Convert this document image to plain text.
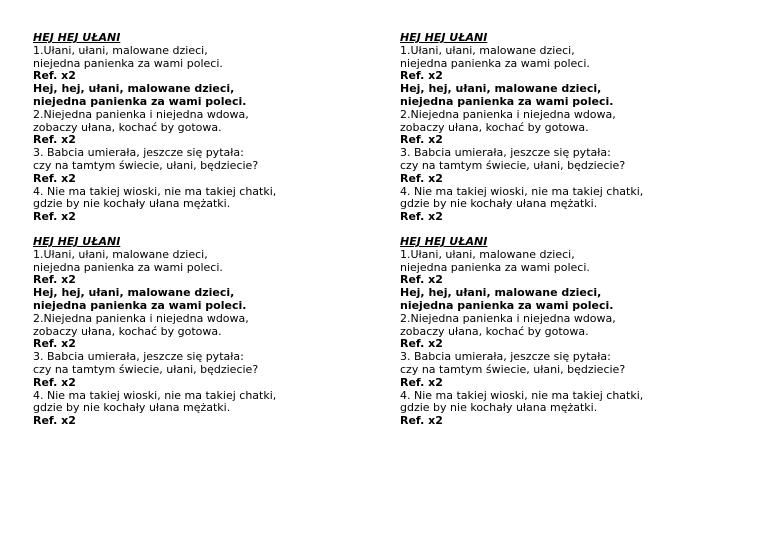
HEJ HEJ UŁANI
1.Ułani, ułani, malowane dzieci,
niejedna panienka za wami poleci.
Ref. x2
Hej, hej, ułani, malowane dzieci,
niejedna panienka za wami poleci.
2.Niejedna panienka i niejedna wdowa,
zobaczy ułana, kochać by gotowa.
Ref. x2
3. Babcia umierała, jeszcze się pytała:
czy na tamtym świecie, ułani, będziecie?
Ref. x2
4. Nie ma takiej wioski, nie ma takiej chatki,
gdzie by nie kochały ułana mężatki.
Ref. x2
HEJ HEJ UŁANI
1.Ułani, ułani, malowane dzieci,
niejedna panienka za wami poleci.
Ref. x2
Hej, hej, ułani, malowane dzieci,
niejedna panienka za wami poleci.
2.Niejedna panienka i niejedna wdowa,
zobaczy ułana, kochać by gotowa.
Ref. x2
3. Babcia umierała, jeszcze się pytała:
czy na tamtym świecie, ułani, będziecie?
Ref. x2
4. Nie ma takiej wioski, nie ma takiej chatki,
gdzie by nie kochały ułana mężatki.
Ref. x2
HEJ HEJ UŁANI
1.Ułani, ułani, malowane dzieci,
niejedna panienka za wami poleci.
Ref. x2
Hej, hej, ułani, malowane dzieci,
niejedna panienka za wami poleci.
2.Niejedna panienka i niejedna wdowa,
zobaczy ułana, kochać by gotowa.
Ref. x2
3. Babcia umierała, jeszcze się pytała:
czy na tamtym świecie, ułani, będziecie?
Ref. x2
4. Nie ma takiej wioski, nie ma takiej chatki,
gdzie by nie kochały ułana mężatki.
Ref. x2
HEJ HEJ UŁANI
1.Ułani, ułani, malowane dzieci,
niejedna panienka za wami poleci.
Ref. x2
Hej, hej, ułani, malowane dzieci,
niejedna panienka za wami poleci.
2.Niejedna panienka i niejedna wdowa,
zobaczy ułana, kochać by gotowa.
Ref. x2
3. Babcia umierała, jeszcze się pytała:
czy na tamtym świecie, ułani, będziecie?
Ref. x2
4. Nie ma takiej wioski, nie ma takiej chatki,
gdzie by nie kochały ułana mężatki.
Ref. x2
